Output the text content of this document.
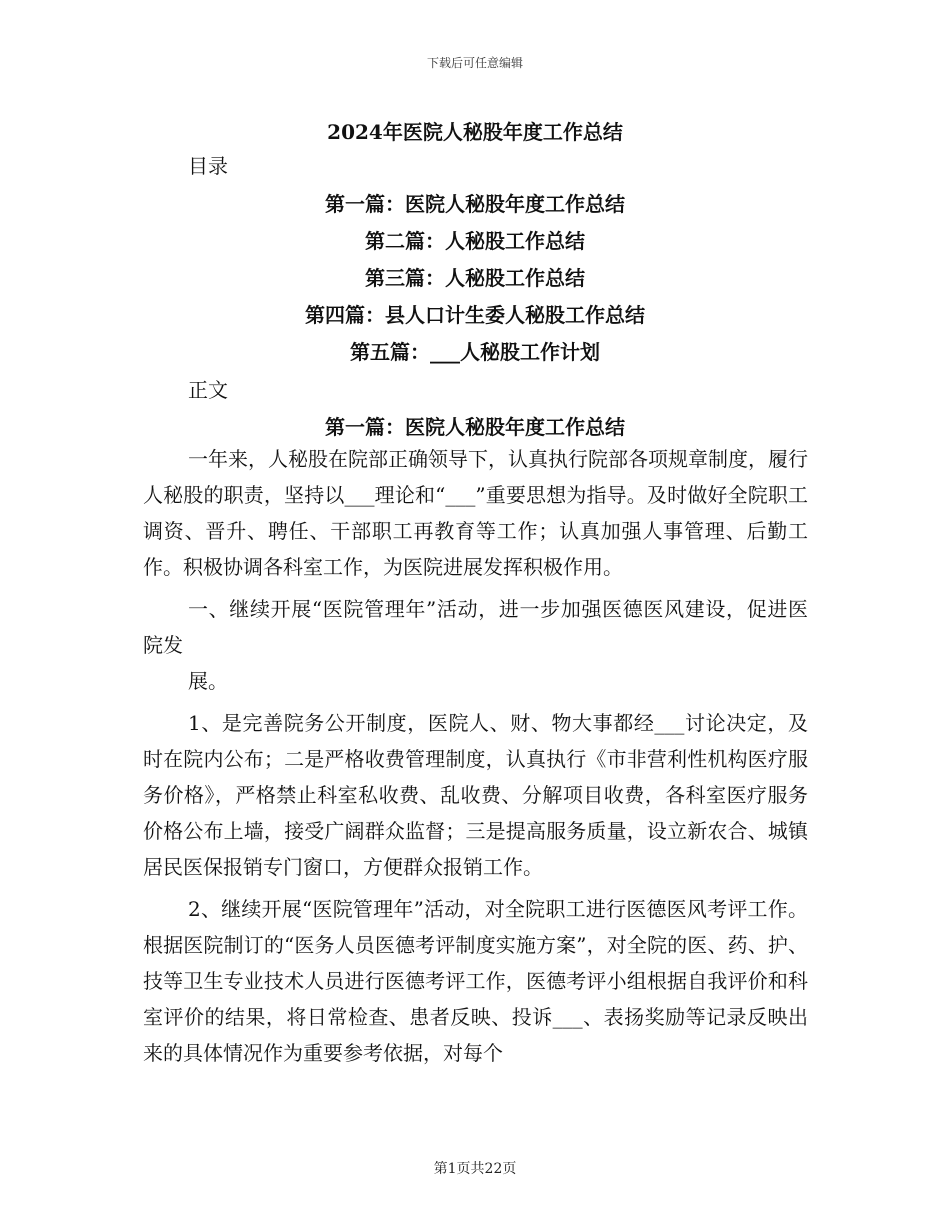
下载后可任意编辑
2024年医院人秘股年度工作总结
目录
第一篇：医院人秘股年度工作总结
第二篇：人秘股工作总结
第三篇：人秘股工作总结
第四篇：县人口计生委人秘股工作总结
第五篇：___人秘股工作计划
正文
第一篇：医院人秘股年度工作总结

一年来，人秘股在院部正确领导下，认真执行院部各项规章制度，履行人秘股的职责，坚持以___理论和“___”重要思想为指导。及时做好全院职工调资、晋升、聘任、干部职工再教育等工作；认真加强人事管理、后勤工作。积极协调各科室工作，为医院进展发挥积极作用。

一、继续开展“医院管理年”活动，进一步加强医德医风建设，促进医院发

展。

1、是完善院务公开制度，医院人、财、物大事都经___讨论决定，及时在院内公布；二是严格收费管理制度，认真执行《市非营利性机构医疗服务价格》，严格禁止科室私收费、乱收费、分解项目收费，各科室医疗服务价格公布上墙，接受广阔群众监督；三是提高服务质量，设立新农合、城镇居民医保报销专门窗口，方便群众报销工作。

2、继续开展“医院管理年”活动，对全院职工进行医德医风考评工作。根据医院制订的“医务人员医德考评制度实施方案”，对全院的医、药、护、技等卫生专业技术人员进行医德考评工作，医德考评小组根据自我评价和科室评价的结果，将日常检查、患者反映、投诉___、表扬奖励等记录反映出来的具体情况作为重要参考依据，对每个

第1页共22页
